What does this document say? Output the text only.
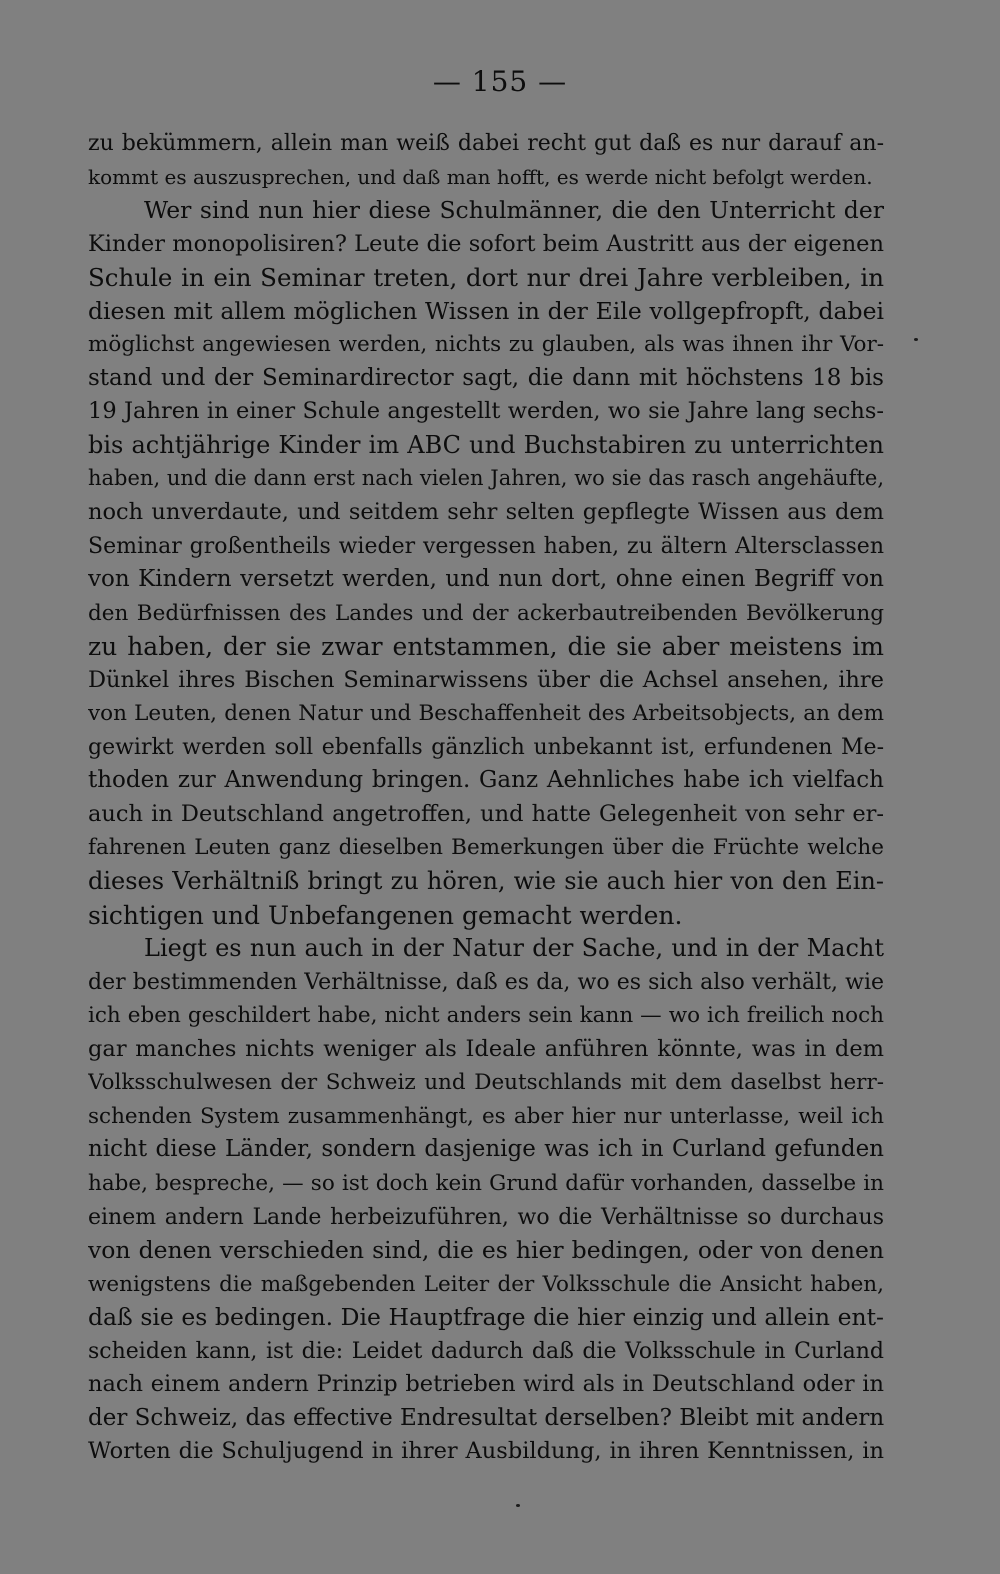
— 155 —
zu bekümmern, allein man weiß dabei recht gut daß es nur darauf an-
kommt es auszusprechen, und daß man hofft, es werde nicht befolgt werden.
Wer sind nun hier diese Schulmänner, die den Unterricht der
Kinder monopolisiren? Leute die sofort beim Austritt aus der eigenen
Schule in ein Seminar treten, dort nur drei Jahre verbleiben, in
diesen mit allem möglichen Wissen in der Eile vollgepfropft, dabei
möglichst angewiesen werden, nichts zu glauben, als was ihnen ihr Vor-
stand und der Seminardirector sagt, die dann mit höchstens 18 bis
19 Jahren in einer Schule angestellt werden, wo sie Jahre lang sechs-
bis achtjährige Kinder im ABC und Buchstabiren zu unterrichten
haben, und die dann erst nach vielen Jahren, wo sie das rasch angehäufte,
noch unverdaute, und seitdem sehr selten gepflegte Wissen aus dem
Seminar großentheils wieder vergessen haben, zu ältern Altersclassen
von Kindern versetzt werden, und nun dort, ohne einen Begriff von
den Bedürfnissen des Landes und der ackerbautreibenden Bevölkerung
zu haben, der sie zwar entstammen, die sie aber meistens im
Dünkel ihres Bischen Seminarwissens über die Achsel ansehen, ihre
von Leuten, denen Natur und Beschaffenheit des Arbeitsobjects, an dem
gewirkt werden soll ebenfalls gänzlich unbekannt ist, erfundenen Me-
thoden zur Anwendung bringen. Ganz Aehnliches habe ich vielfach
auch in Deutschland angetroffen, und hatte Gelegenheit von sehr er-
fahrenen Leuten ganz dieselben Bemerkungen über die Früchte welche
dieses Verhältniß bringt zu hören, wie sie auch hier von den Ein-
sichtigen und Unbefangenen gemacht werden.
Liegt es nun auch in der Natur der Sache, und in der Macht
der bestimmenden Verhältnisse, daß es da, wo es sich also verhält, wie
ich eben geschildert habe, nicht anders sein kann — wo ich freilich noch
gar manches nichts weniger als Ideale anführen könnte, was in dem
Volksschulwesen der Schweiz und Deutschlands mit dem daselbst herr-
schenden System zusammenhängt, es aber hier nur unterlasse, weil ich
nicht diese Länder, sondern dasjenige was ich in Curland gefunden
habe, bespreche, — so ist doch kein Grund dafür vorhanden, dasselbe in
einem andern Lande herbeizuführen, wo die Verhältnisse so durchaus
von denen verschieden sind, die es hier bedingen, oder von denen
wenigstens die maßgebenden Leiter der Volksschule die Ansicht haben,
daß sie es bedingen. Die Hauptfrage die hier einzig und allein ent-
scheiden kann, ist die: Leidet dadurch daß die Volksschule in Curland
nach einem andern Prinzip betrieben wird als in Deutschland oder in
der Schweiz, das effective Endresultat derselben? Bleibt mit andern
Worten die Schuljugend in ihrer Ausbildung, in ihren Kenntnissen, in
